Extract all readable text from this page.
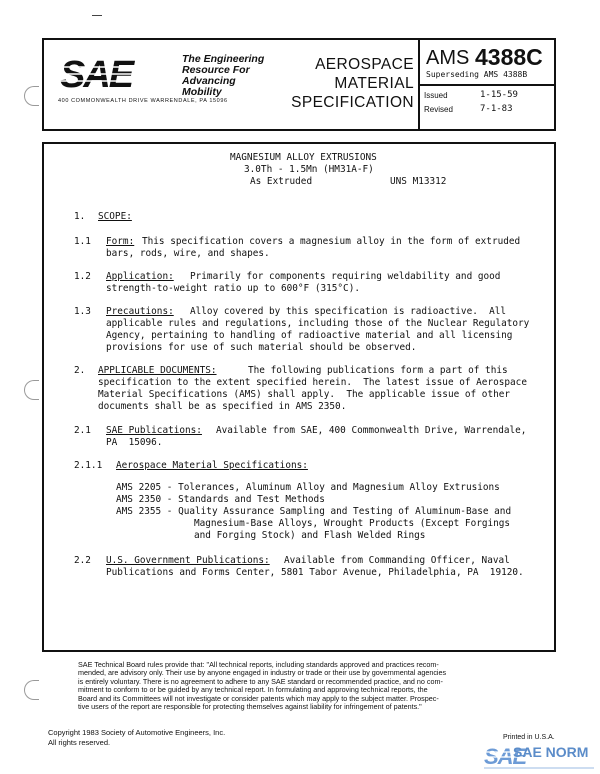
SAE	The Engineering
Resource For
Advancing Mobility
400 COMMONWEALTH DRIVE WARRENDALE, PA 15096
AEROSPACE
MATERIAL
SPECIFICATION
AMS 4388C
Superseding AMS 4388B
Issued	1-15-59
Revised	7-1-83
MAGNESIUM ALLOY EXTRUSIONS
3.0Th - 1.5Mn (HM31A-F)
As Extruded	UNS M13312
1. SCOPE:
1.1 Form: This specification covers a magnesium alloy in the form of extruded
bars, rods, wire, and shapes.
1.2 Application: Primarily for components requiring weldability and good
strength-to-weight ratio up to 600°F (315°C).
1.3 Precautions: Alloy covered by this specification is radioactive.  All
applicable rules and regulations, including those of the Nuclear Regulatory
Agency, pertaining to handling of radioactive material and all licensing
provisions for use of such material should be observed.
2. APPLICABLE DOCUMENTS:	The following publications form a part of this
specification to the extent specified herein.  The latest issue of Aerospace
Material Specifications (AMS) shall apply.  The applicable issue of other
documents shall be as specified in AMS 2350.
2.1 SAE Publications: Available from SAE, 400 Commonwealth Drive, Warrendale,
PA  15096.
2.1.1 Aerospace Material Specifications:
AMS 2205 - Tolerances, Aluminum Alloy and Magnesium Alloy Extrusions
AMS 2350 - Standards and Test Methods
AMS 2355 - Quality Assurance Sampling and Testing of Aluminum-Base and
Magnesium-Base Alloys, Wrought Products (Except Forgings
and Forging Stock) and Flash Welded Rings
2.2 U.S. Government Publications: Available from Commanding Officer, Naval
Publications and Forms Center, 5801 Tabor Avenue, Philadelphia, PA  19120.
SAE Technical Board rules provide that: "All technical reports, including standards approved and practices recom-
mended, are advisory only. Their use by anyone engaged in industry or trade or their use by governmental agencies
is entirely voluntary. There is no agreement to adhere to any SAE standard or recommended practice, and no com-
mitment to conform to or be guided by any technical report. In formulating and approving technical reports, the
Board and its Committees will not investigate or consider patents which may apply to the subject matter. Prospec-
tive users of the report are responsible for protecting themselves against liability for infringement of patents."
Copyright 1983 Society of Automotive Engineers, Inc.
All rights reserved.
Printed in U.S.A.
SAE
SAE NORM
